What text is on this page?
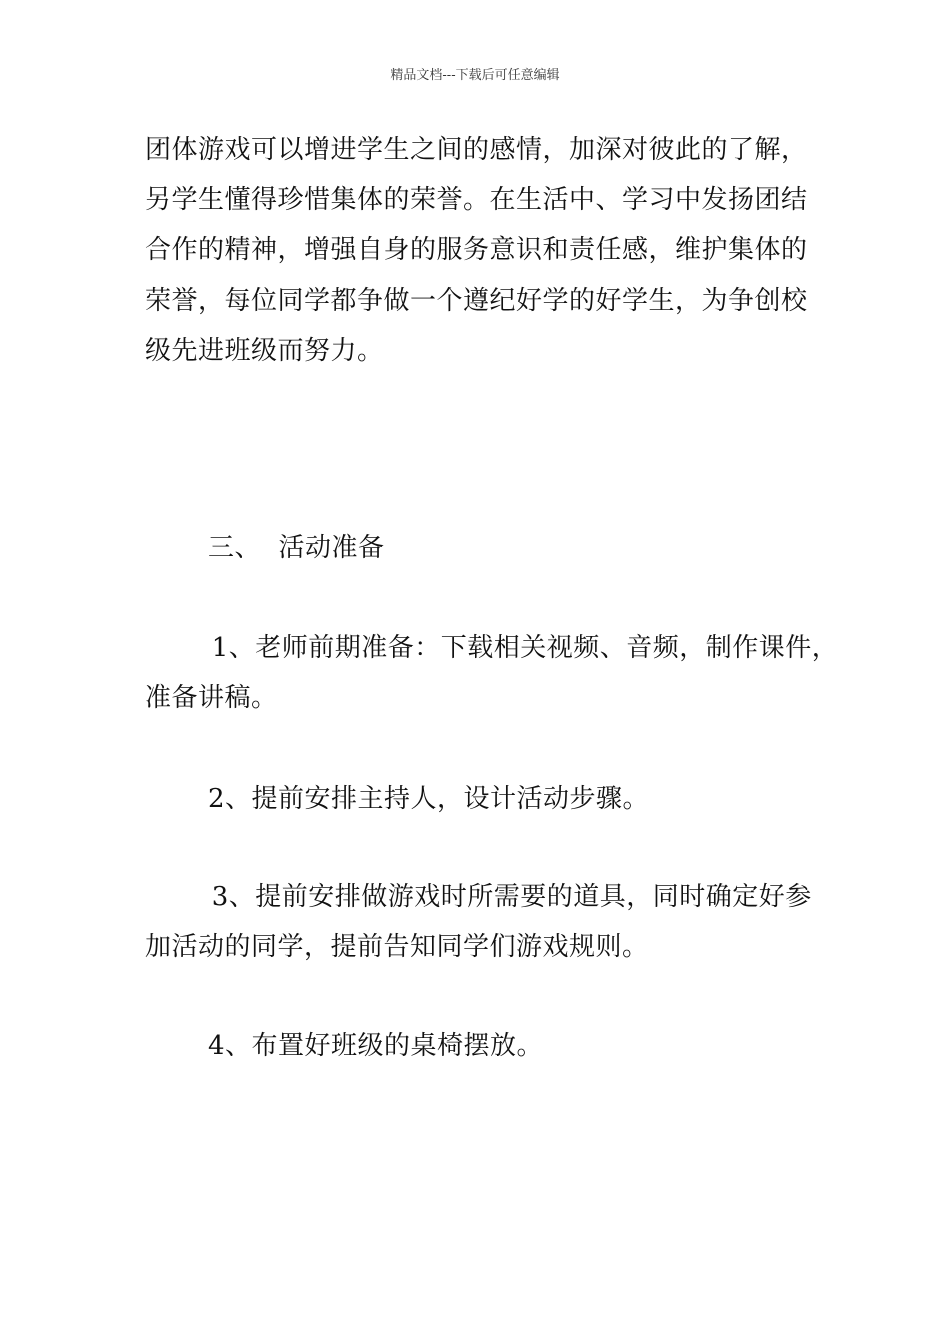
精品文档---下载后可任意编辑
团体游戏可以增进学生之间的感情，加深对彼此的了解，
另学生懂得珍惜集体的荣誉。在生活中、学习中发扬团结
合作的精神，增强自身的服务意识和责任感，维护集体的
荣誉，每位同学都争做一个遵纪好学的好学生，为争创校
级先进班级而努力。
三、  活动准备
1、老师前期准备：下载相关视频、音频，制作课件，
准备讲稿。
2、提前安排主持人，设计活动步骤。
3、提前安排做游戏时所需要的道具，同时确定好参
加活动的同学，提前告知同学们游戏规则。
4、布置好班级的桌椅摆放。
